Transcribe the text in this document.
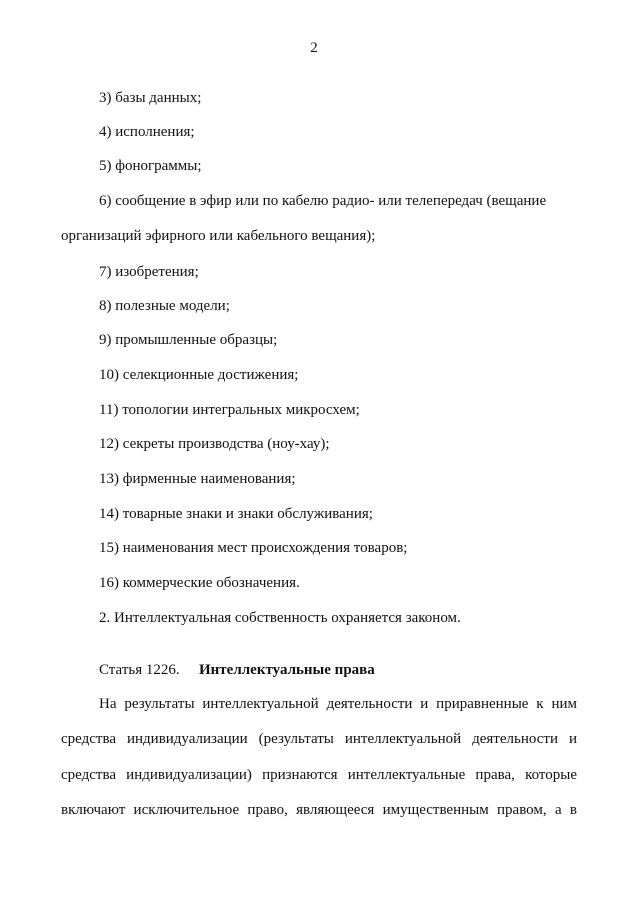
2
3) базы данных;
4) исполнения;
5) фонограммы;
6) сообщение в эфир или по кабелю радио- или телепередач (вещание
организаций эфирного или кабельного вещания);
7) изобретения;
8) полезные модели;
9) промышленные образцы;
10) селекционные достижения;
11) топологии интегральных микросхем;
12) секреты производства (ноу-хау);
13) фирменные наименования;
14) товарные знаки и знаки обслуживания;
15) наименования мест происхождения товаров;
16) коммерческие обозначения.
2. Интеллектуальная собственность охраняется законом.
Статья 1226. Интеллектуальные права
На результаты интеллектуальной деятельности и приравненные к ним
средства индивидуализации (результаты интеллектуальной деятельности и
средства индивидуализации) признаются интеллектуальные права, которые
включают исключительное право, являющееся имущественным правом, а в
